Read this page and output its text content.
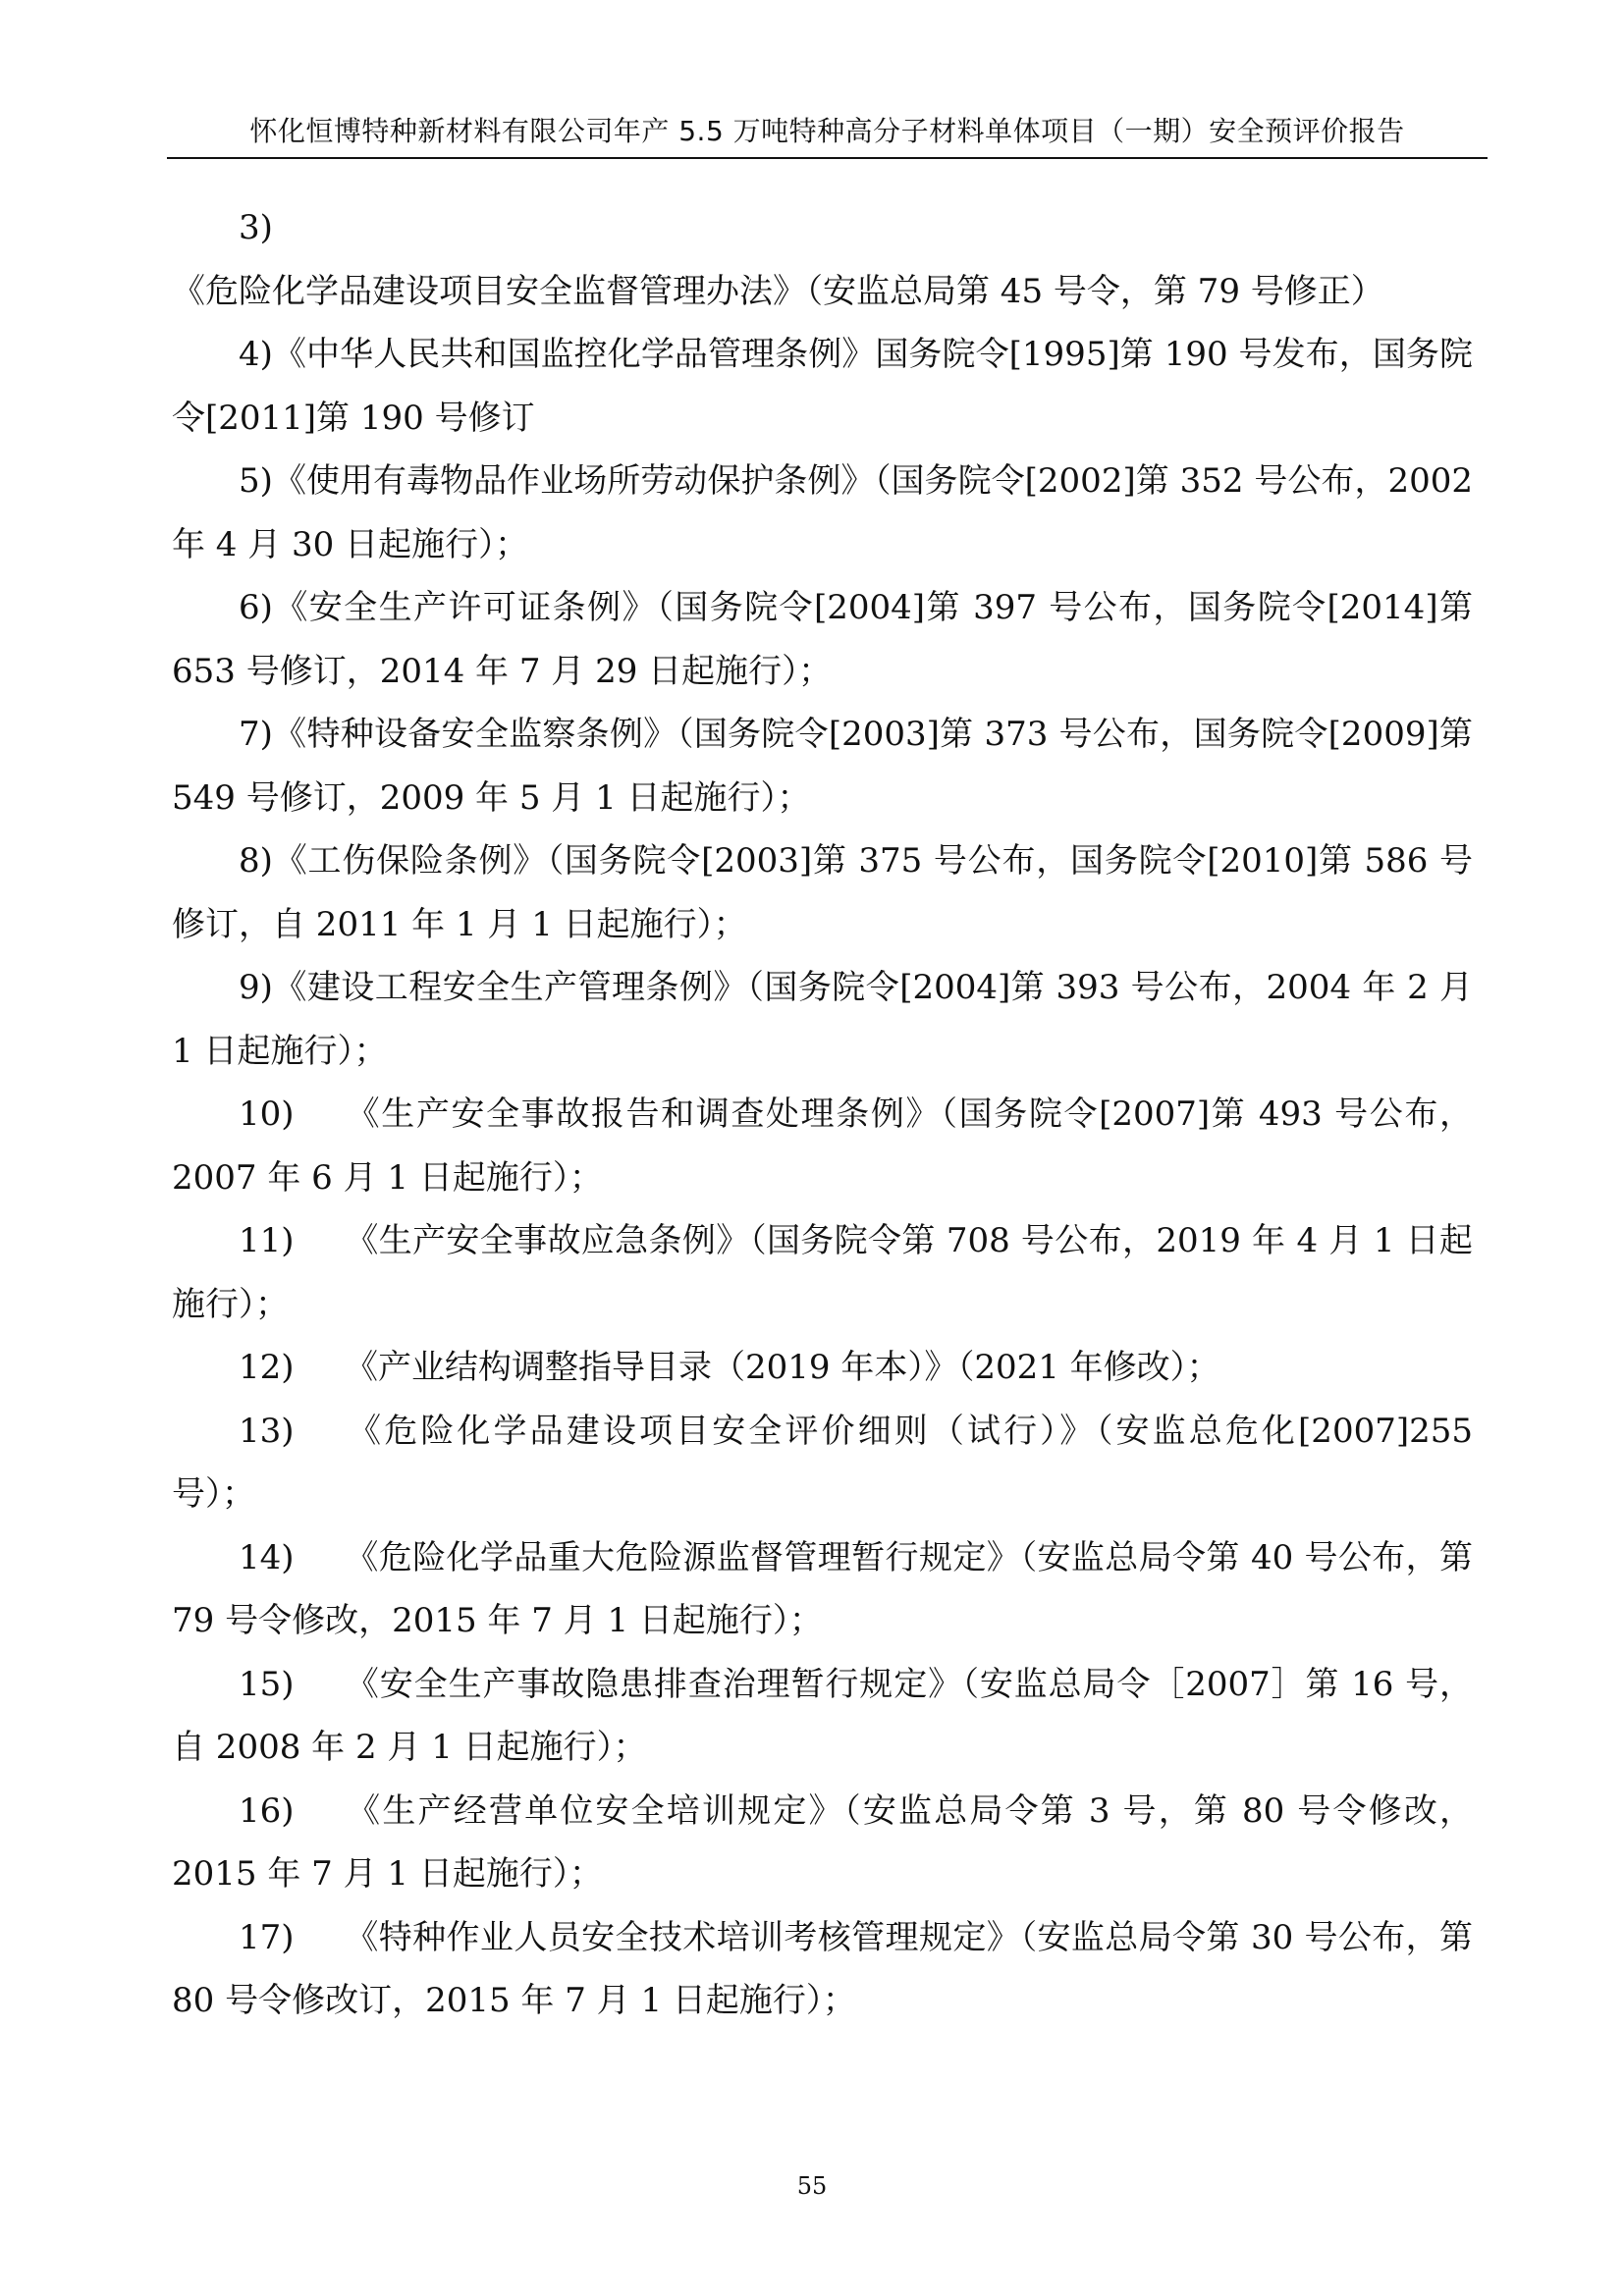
怀化恒博特种新材料有限公司年产 5.5 万吨特种高分子材料单体项目（一期）安全预评价报告

3)《危险化学品建设项目安全监督管理办法》（安监总局第 45 号令，第 79 号修正）

4)《中华人民共和国监控化学品管理条例》国务院令[1995]第 190 号发布，国务院令[2011]第 190 号修订

5)《使用有毒物品作业场所劳动保护条例》（国务院令[2002]第 352 号公布，2002 年 4 月 30 日起施行）；

6)《安全生产许可证条例》（国务院令[2004]第 397 号公布，国务院令[2014]第 653 号修订，2014 年 7 月 29 日起施行）；

7)《特种设备安全监察条例》（国务院令[2003]第 373 号公布，国务院令[2009]第 549 号修订，2009 年 5 月 1 日起施行）；

8)《工伤保险条例》（国务院令[2003]第 375 号公布，国务院令[2010]第 586 号修订，自 2011 年 1 月 1 日起施行）；

9)《建设工程安全生产管理条例》（国务院令[2004]第 393 号公布，2004 年 2 月 1 日起施行）；

10) 《生产安全事故报告和调查处理条例》（国务院令[2007]第 493 号公布，2007 年 6 月 1 日起施行）；

11) 《生产安全事故应急条例》（国务院令第 708 号公布，2019 年 4 月 1 日起施行）；

12) 《产业结构调整指导目录（2019 年本）》（2021 年修改）；

13) 《危险化学品建设项目安全评价细则（试行）》（安监总危化[2007]255 号）；

14) 《危险化学品重大危险源监督管理暂行规定》（安监总局令第 40 号公布，第 79 号令修改，2015 年 7 月 1 日起施行）；

15) 《安全生产事故隐患排查治理暂行规定》（安监总局令［2007］第 16 号，自 2008 年 2 月 1 日起施行）；

16) 《生产经营单位安全培训规定》（安监总局令第 3 号，第 80 号令修改，2015 年 7 月 1 日起施行）；

17) 《特种作业人员安全技术培训考核管理规定》（安监总局令第 30 号公布，第 80 号令修改订，2015 年 7 月 1 日起施行）；

55
